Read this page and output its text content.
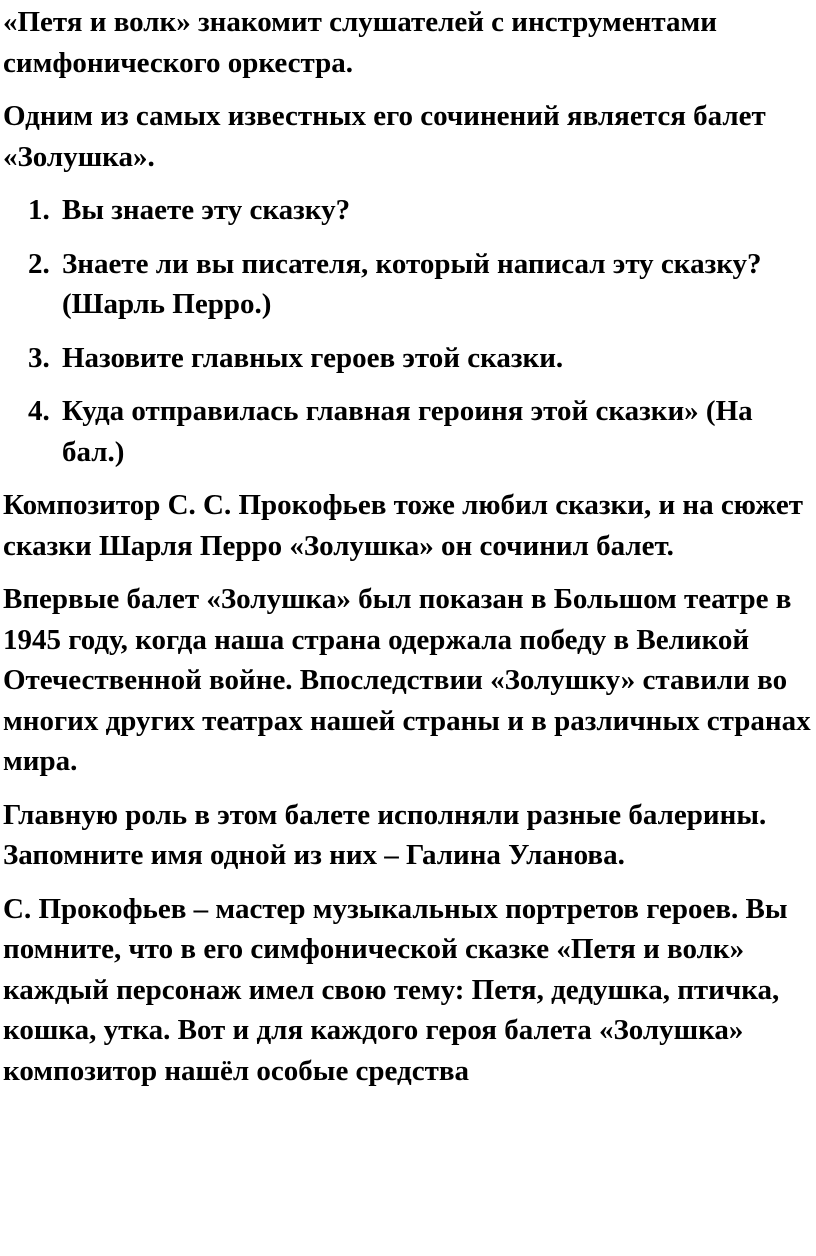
«Петя и волк» знакомит слушателей с инструментами симфонического оркестра.

Одним из самых известных его сочинений является балет «Золушка».

1. Вы знаете эту сказку?
2. Знаете ли вы писателя, который написал эту сказку? (Шарль Перро.)
3. Назовите главных героев этой сказки.
4. Куда отправилась главная героиня этой сказки» (На бал.)

Композитор С. С. Прокофьев тоже любил сказки, и на сюжет сказки Шарля Перро «Золушка» он сочинил балет.

Впервые балет «Золушка» был показан в Большом театре в 1945 году, когда наша страна одержала победу в Великой Отечественной войне. Впоследствии «Золушку» ставили во многих других театрах нашей страны и в различных странах мира.

Главную роль в этом балете исполняли разные балерины. Запомните имя одной из них – Галина Уланова.

С. Прокофьев – мастер музыкальных портретов героев. Вы помните, что в его симфонической сказке «Петя и волк» каждый персонаж имел свою тему: Петя, дедушка, птичка, кошка, утка. Вот и для каждого героя балета «Золушка» композитор нашёл особые средства
